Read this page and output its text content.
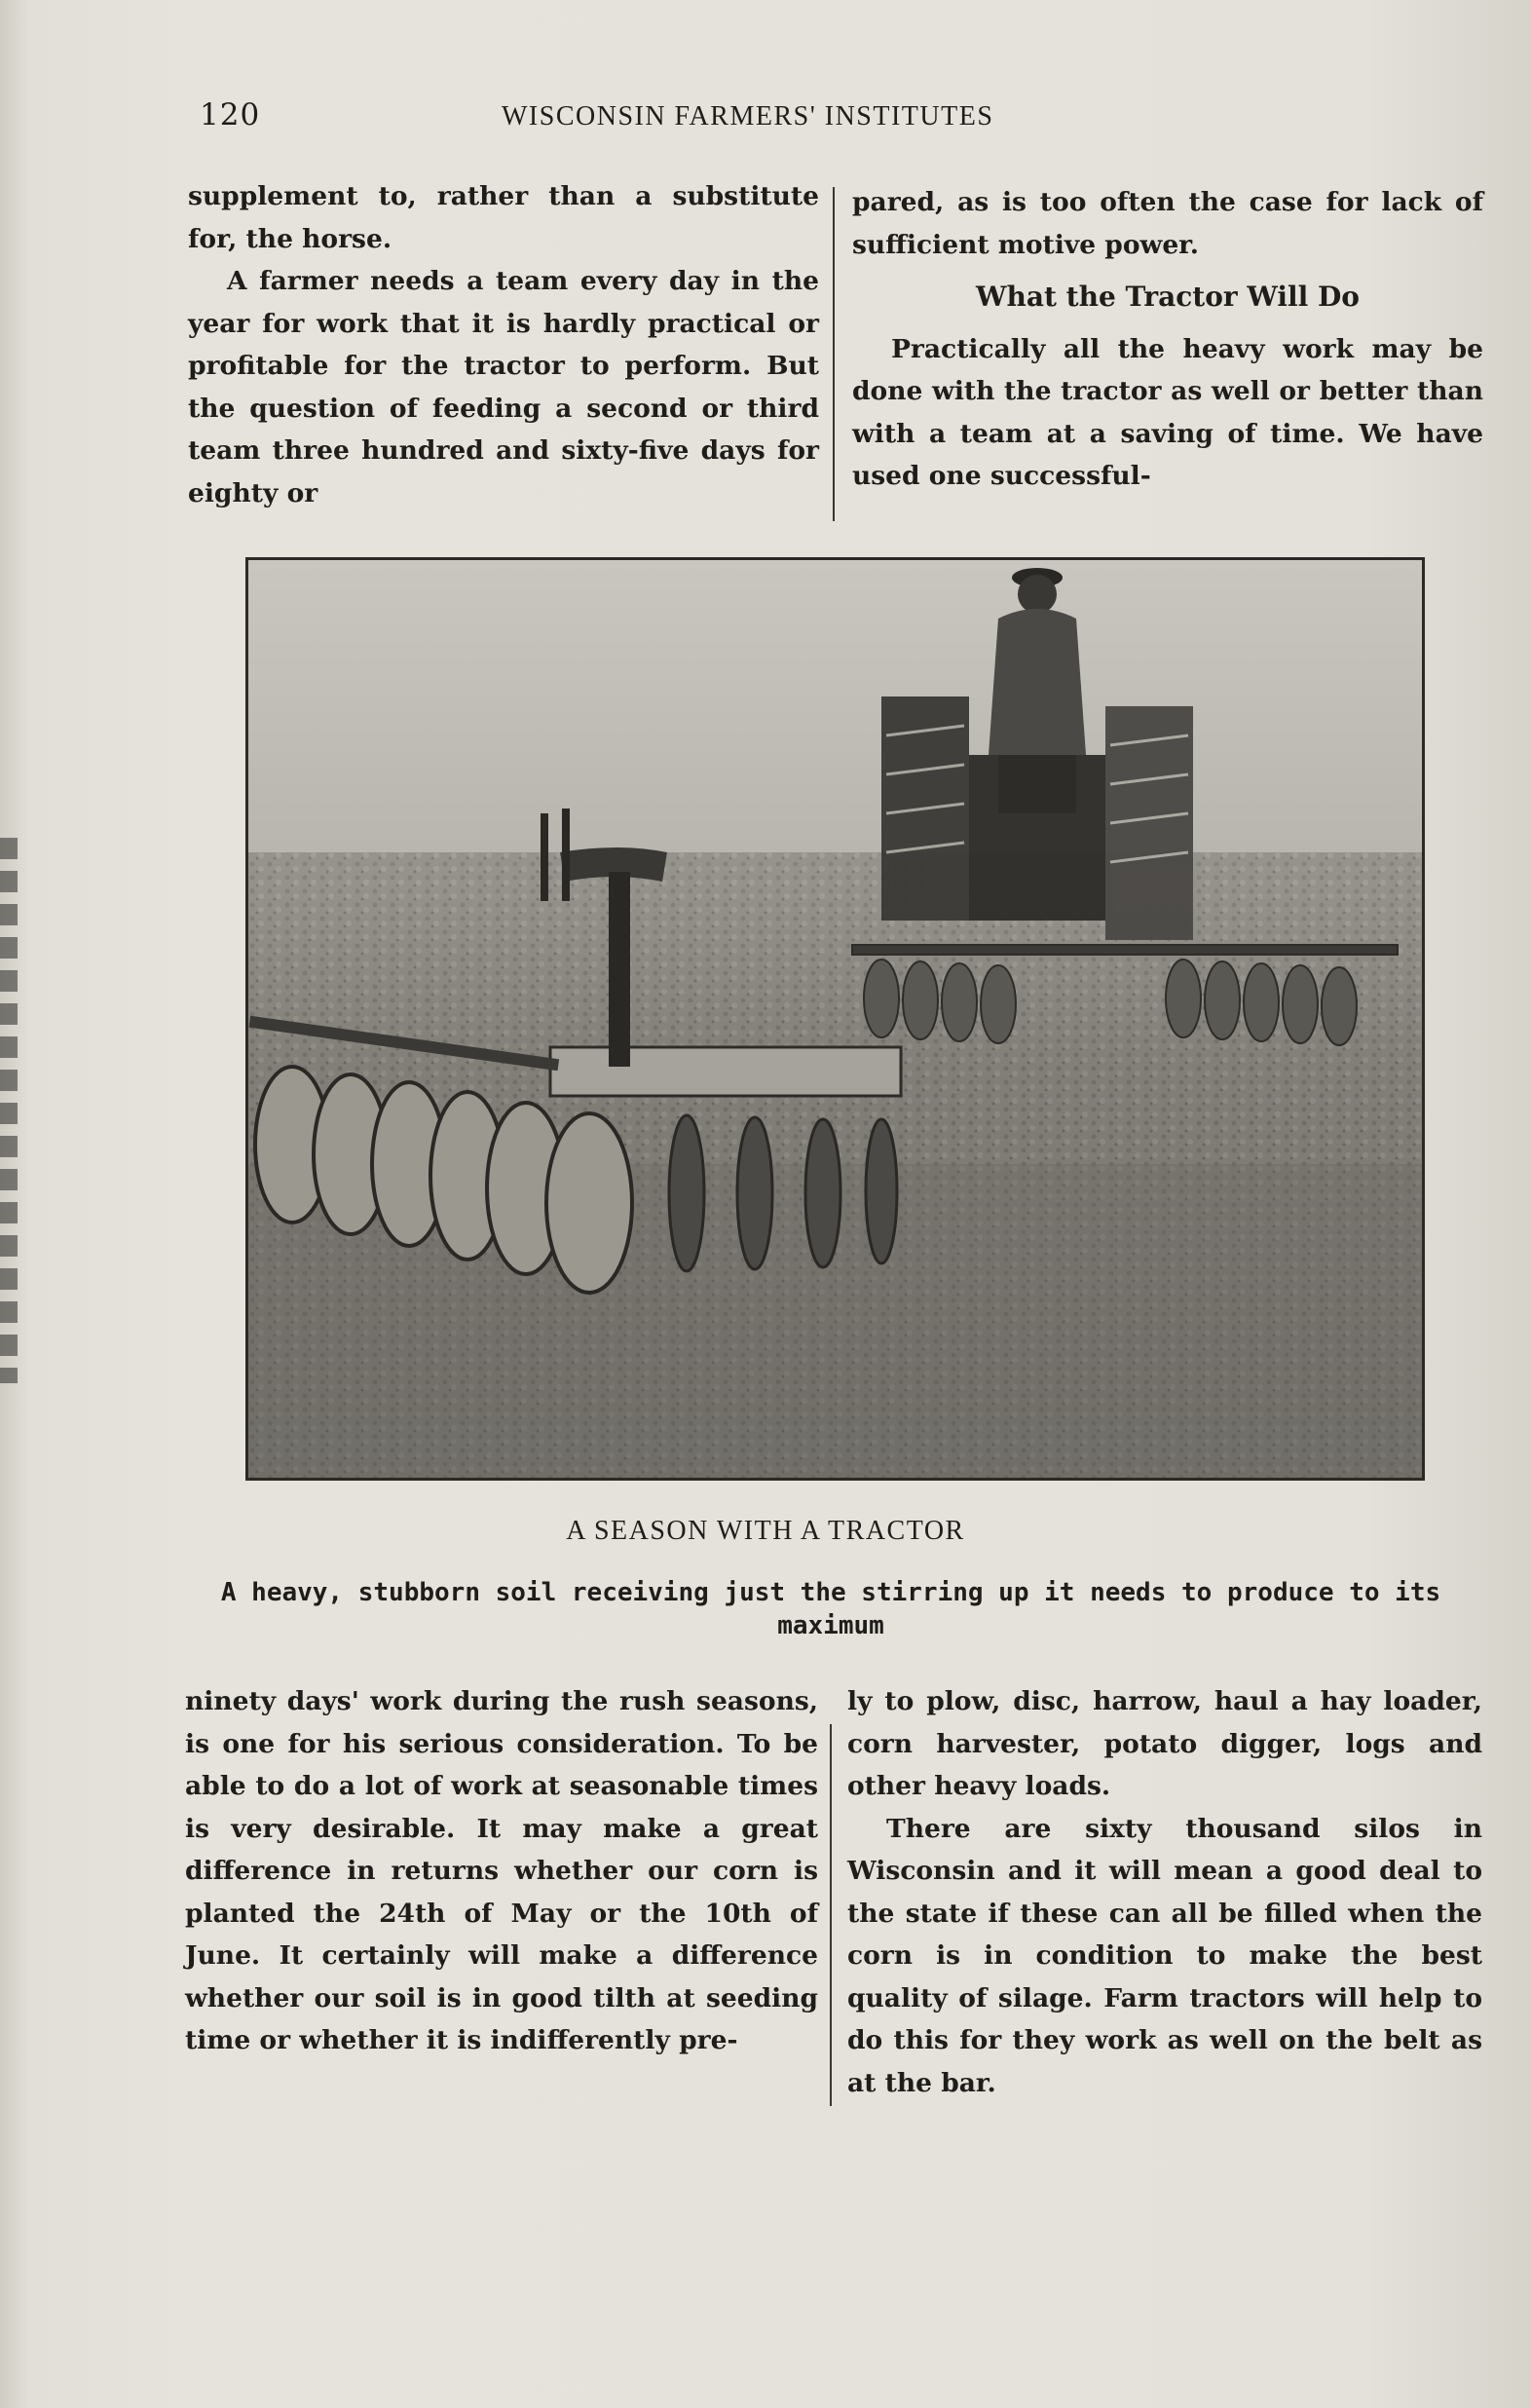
120	WISCONSIN FARMERS' INSTITUTES

supplement to, rather than a substitute for, the horse.

A farmer needs a team every day in the year for work that it is hardly practical or profitable for the tractor to perform. But the question of feeding a second or third team three hundred and sixty-five days for eighty or

pared, as is too often the case for lack of sufficient motive power.

What the Tractor Will Do

Practically all the heavy work may be done with the tractor as well or better than with a team at a saving of time. We have used one successful-

A SEASON WITH A TRACTOR
A heavy, stubborn soil receiving just the stirring up it needs to produce to its maximum

ninety days' work during the rush seasons, is one for his serious consideration. To be able to do a lot of work at seasonable times is very desirable. It may make a great difference in returns whether our corn is planted the 24th of May or the 10th of June. It certainly will make a difference whether our soil is in good tilth at seeding time or whether it is indifferently pre-

ly to plow, disc, harrow, haul a hay loader, corn harvester, potato digger, logs and other heavy loads.

There are sixty thousand silos in Wisconsin and it will mean a good deal to the state if these can all be filled when the corn is in condition to make the best quality of silage. Farm tractors will help to do this for they work as well on the belt as at the bar.
